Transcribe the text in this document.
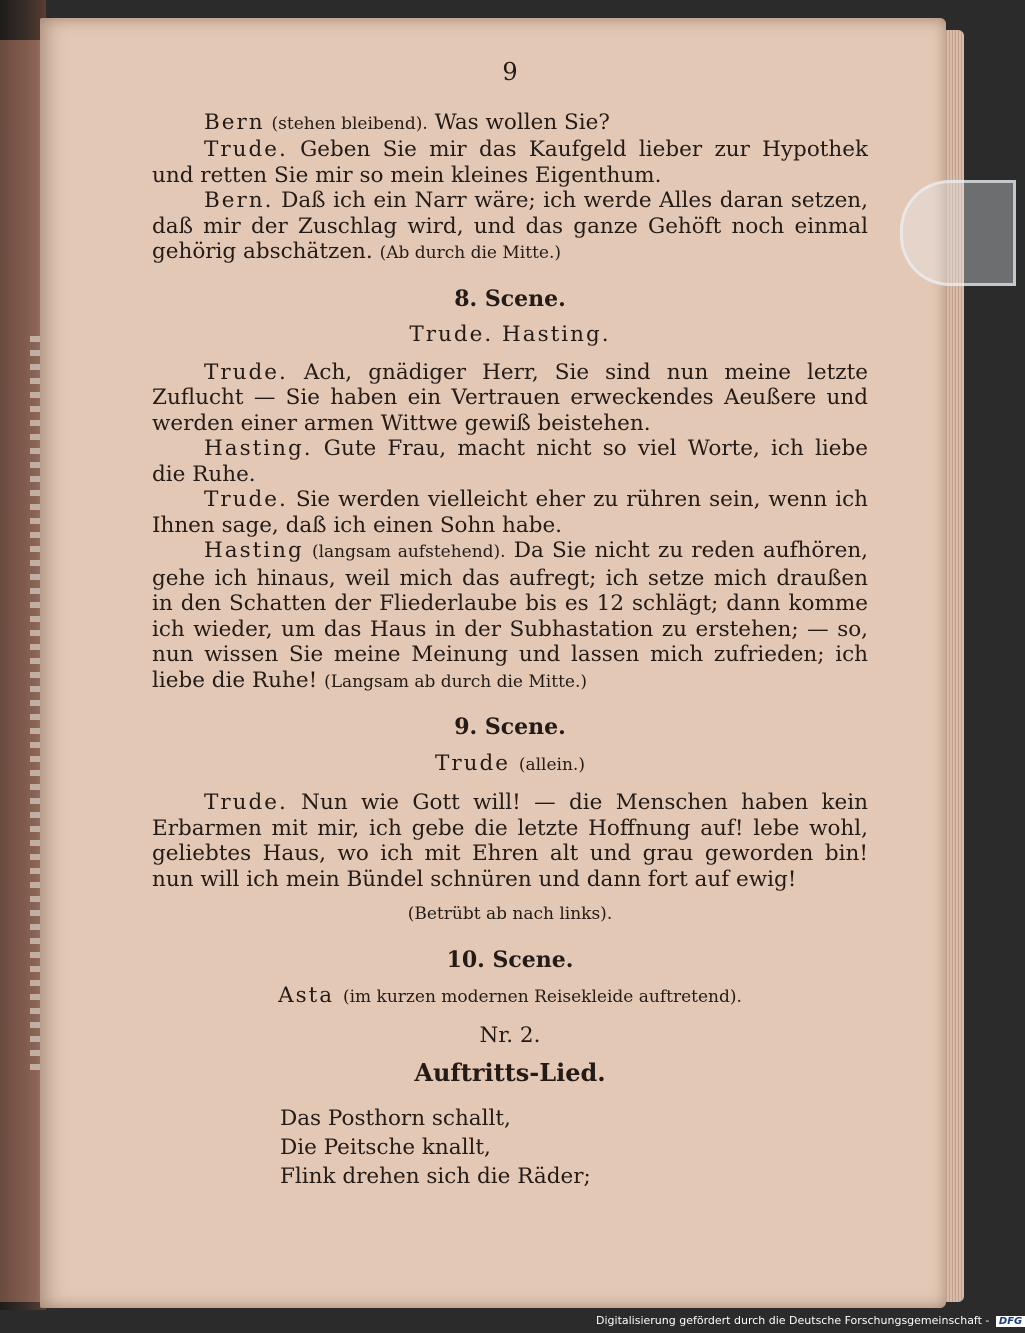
9

Bern (stehen bleibend). Was wollen Sie?

Trude. Geben Sie mir das Kaufgeld lieber zur Hypothek und retten Sie mir so mein kleines Eigenthum.

Bern. Daß ich ein Narr wäre; ich werde Alles daran setzen, daß mir der Zuschlag wird, und das ganze Gehöft noch einmal gehörig abschätzen. (Ab durch die Mitte.)

8. Scene.
Trude. Hasting.

Trude. Ach, gnädiger Herr, Sie sind nun meine letzte Zuflucht — Sie haben ein Vertrauen erweckendes Aeußere und werden einer armen Wittwe gewiß beistehen.

Hasting. Gute Frau, macht nicht so viel Worte, ich liebe die Ruhe.

Trude. Sie werden vielleicht eher zu rühren sein, wenn ich Ihnen sage, daß ich einen Sohn habe.

Hasting (langsam aufstehend). Da Sie nicht zu reden aufhören, gehe ich hinaus, weil mich das aufregt; ich setze mich draußen in den Schatten der Fliederlaube bis es 12 schlägt; dann komme ich wieder, um das Haus in der Subhastation zu erstehen; — so, nun wissen Sie meine Meinung und lassen mich zufrieden; ich liebe die Ruhe! (Langsam ab durch die Mitte.)

9. Scene.
Trude (allein.)

Trude. Nun wie Gott will! — die Menschen haben kein Erbarmen mit mir, ich gebe die letzte Hoffnung auf! lebe wohl, geliebtes Haus, wo ich mit Ehren alt und grau geworden bin! nun will ich mein Bündel schnüren und dann fort auf ewig!

(Betrübt ab nach links).
10. Scene.
Asta (im kurzen modernen Reisekleide auftretend).
Nr. 2.
Auftritts-Lied.
Das Posthorn schallt,
Die Peitsche knallt,
Flink drehen sich die Räder;
Digitalisierung gefördert durch die Deutsche Forschungsgemeinschaft - DFG
